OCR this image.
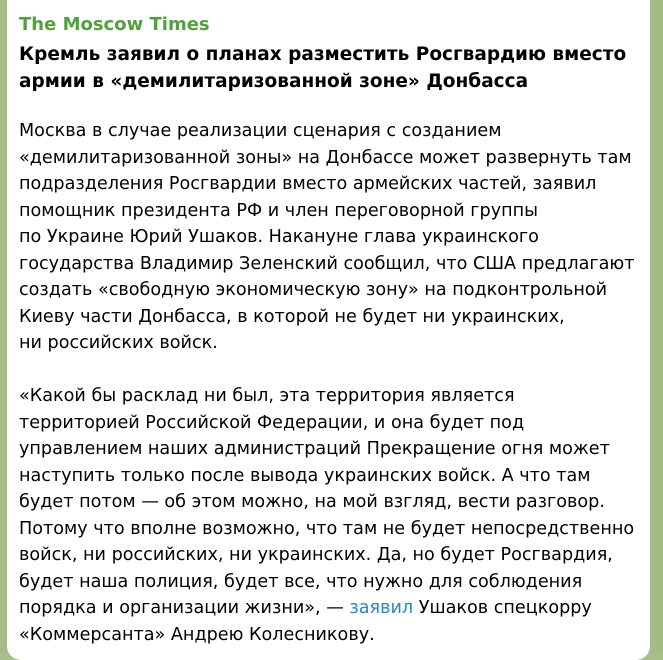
The Moscow Times
Кремль заявил о планах разместить Росгвардию вместо
армии в «демилитаризованной зоне» Донбасса
Москва в случае реализации сценария с созданием
«демилитаризованной зоны» на Донбассе может развернуть там
подразделения Росгвардии вместо армейских частей, заявил
помощник президента РФ и член переговорной группы
по Украине Юрий Ушаков. Накануне глава украинского
государства Владимир Зеленский сообщил, что США предлагают
создать «свободную экономическую зону» на подконтрольной
Киеву части Донбасса, в которой не будет ни украинских,
ни российских войск.
«Какой бы расклад ни был, эта территория является
территорией Российской Федерации, и она будет под
управлением наших администраций Прекращение огня может
наступить только после вывода украинских войск. А что там
будет потом — об этом можно, на мой взгляд, вести разговор.
Потому что вполне возможно, что там не будет непосредственно
войск, ни российских, ни украинских. Да, но будет Росгвардия,
будет наша полиция, будет все, что нужно для соблюдения
порядка и организации жизни», — заявил Ушаков спецкорру
«Коммерсанта» Андрею Колесникову.
